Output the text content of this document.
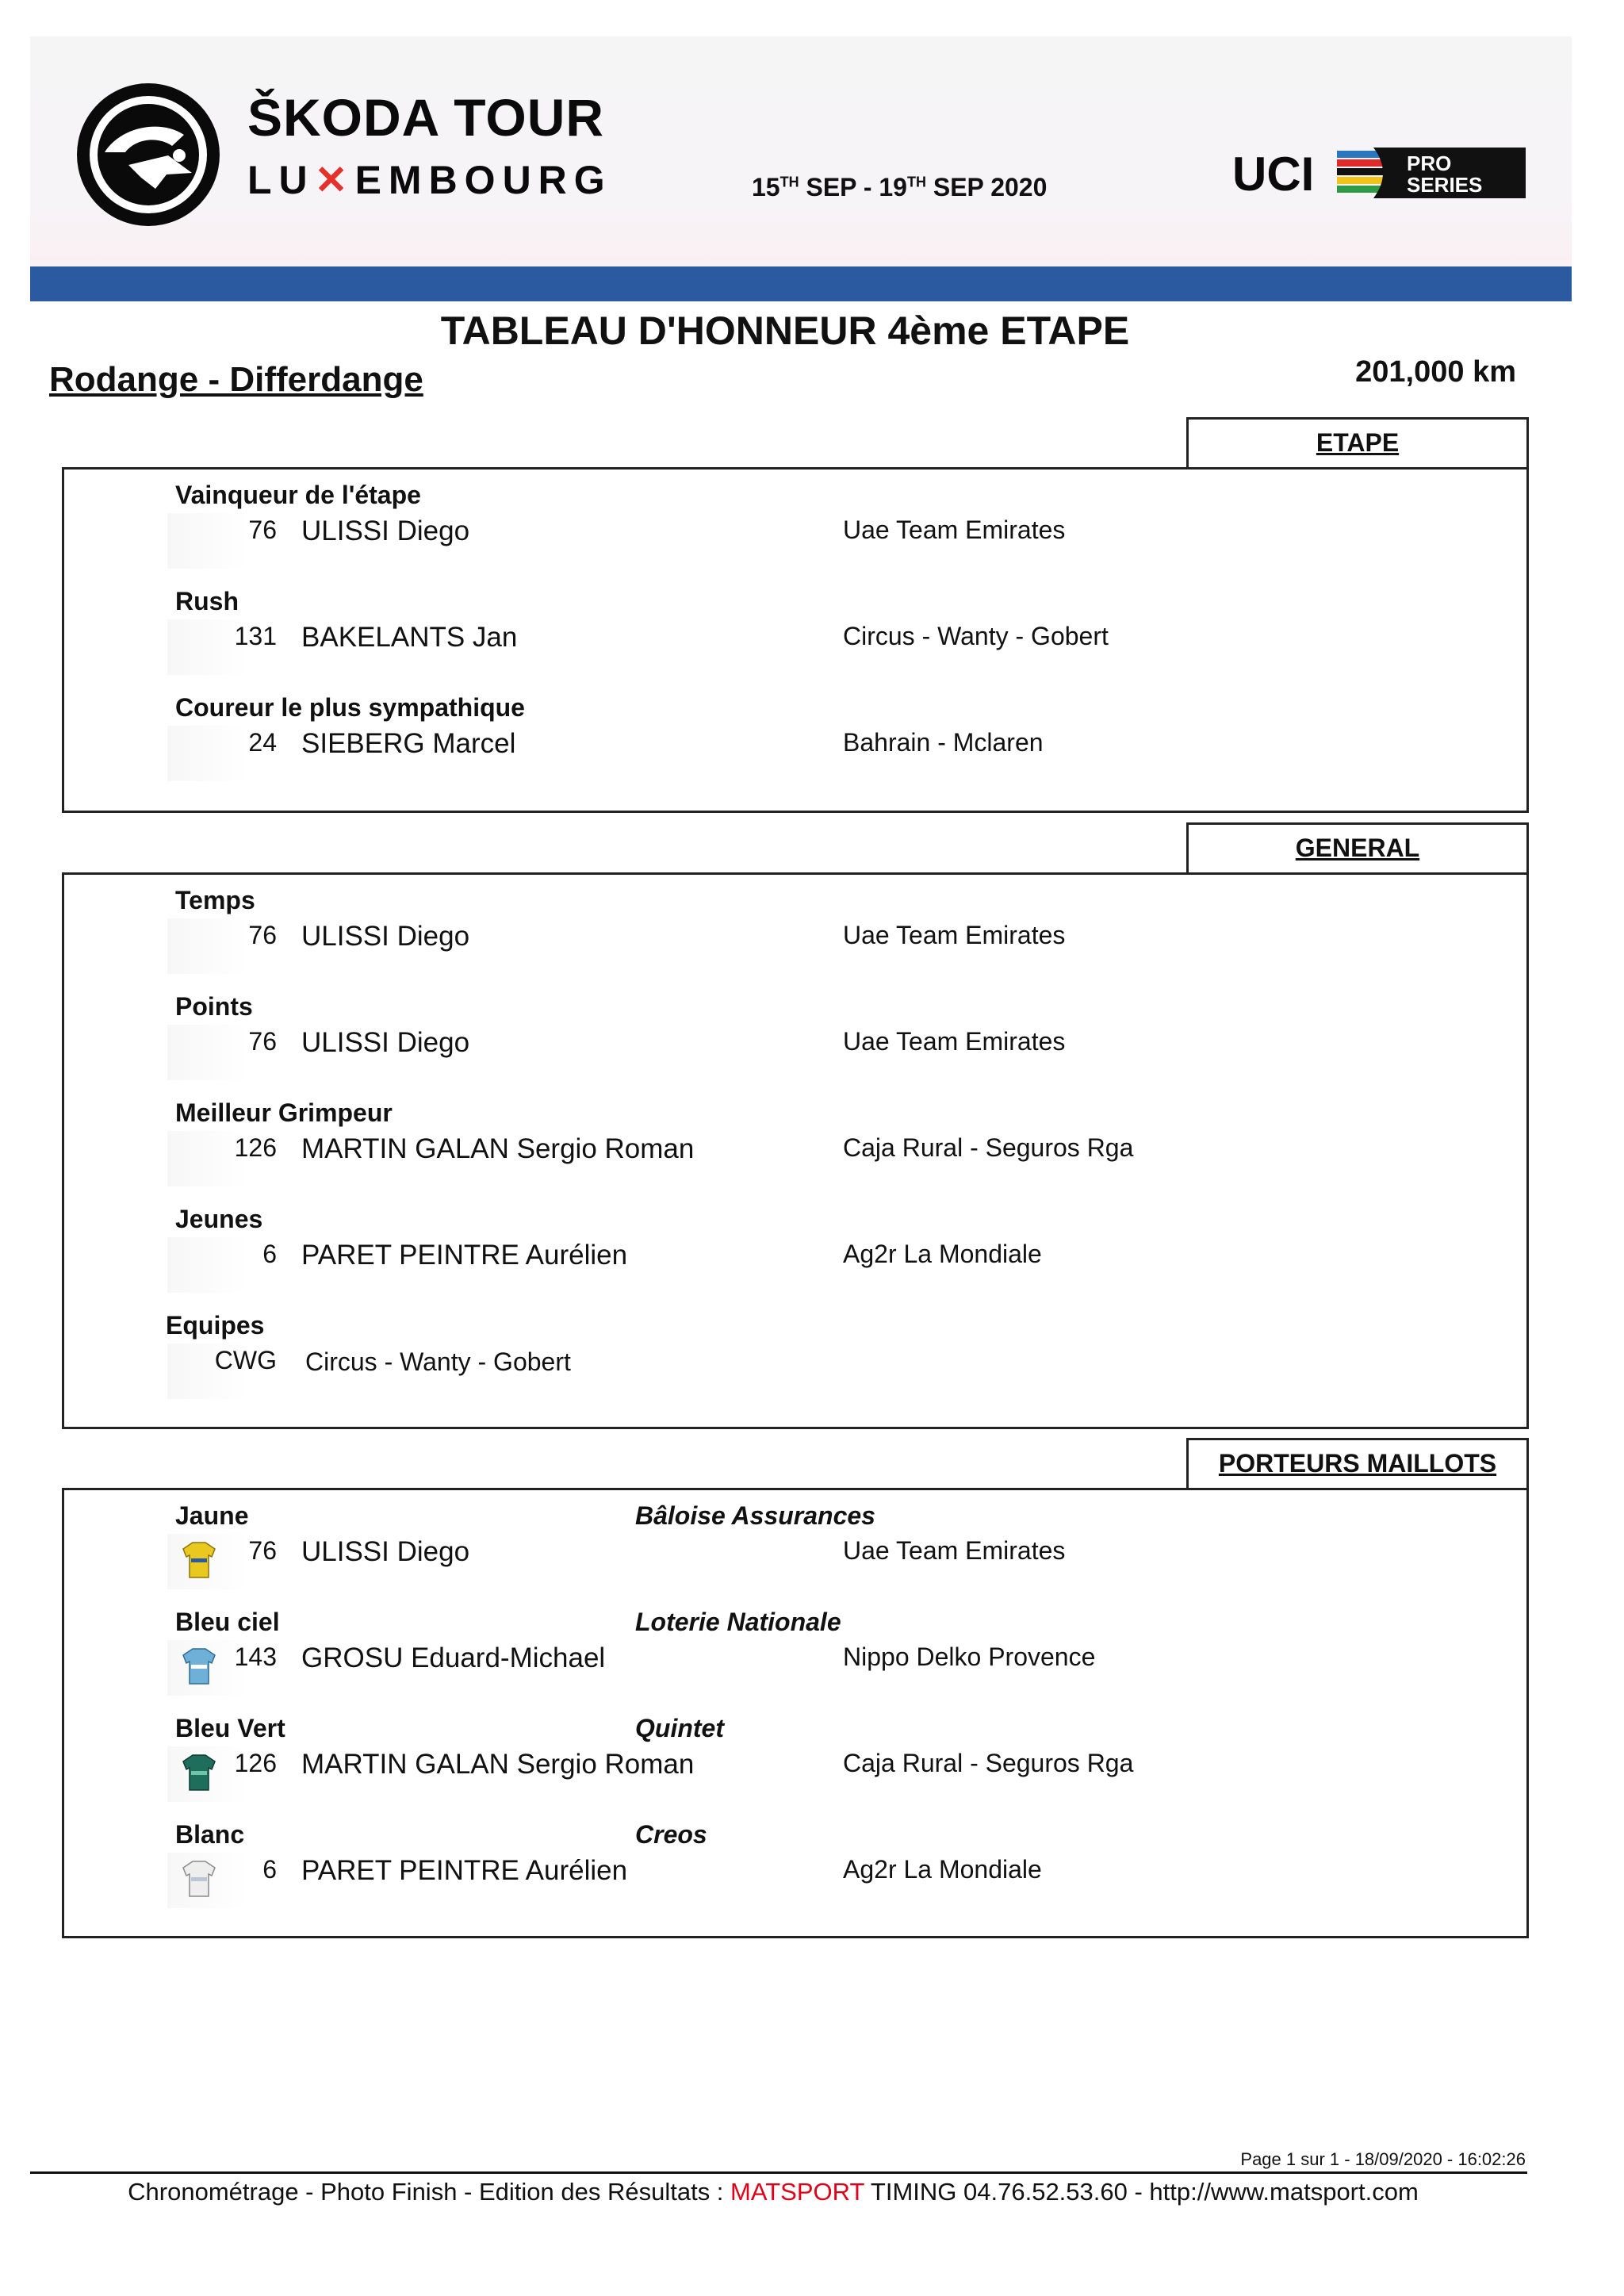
ŠKODA TOUR
LU✕EMBOURG	15TH SEP - 19TH SEP 2020	UCI	PRO
SERIES
TABLEAU D'HONNEUR 4ème ETAPE
Rodange - Differdange	201,000 km
ETAPE
Vainqueur de l'étape
76 ULISSI Diego	Uae Team Emirates
Rush
131 BAKELANTS Jan	Circus - Wanty - Gobert
Coureur le plus sympathique
24 SIEBERG Marcel	Bahrain - Mclaren
GENERAL
Temps
76 ULISSI Diego	Uae Team Emirates
Points
76 ULISSI Diego	Uae Team Emirates
Meilleur Grimpeur
126 MARTIN GALAN Sergio Roman	Caja Rural - Seguros Rga
Jeunes
6 PARET PEINTRE Aurélien	Ag2r La Mondiale
Equipes
CWG Circus - Wanty - Gobert
PORTEURS MAILLOTS
Jaune	Bâloise Assurances
76 ULISSI Diego	Uae Team Emirates
Bleu ciel	Loterie Nationale
143 GROSU Eduard-Michael	Nippo Delko Provence
Bleu Vert	Quintet
126 MARTIN GALAN Sergio Roman	Caja Rural - Seguros Rga
Blanc	Creos
6 PARET PEINTRE Aurélien	Ag2r La Mondiale
Page 1 sur 1 - 18/09/2020 - 16:02:26
Chronométrage - Photo Finish - Edition des Résultats : MATSPORT TIMING 04.76.52.53.60 - http://www.matsport.com
